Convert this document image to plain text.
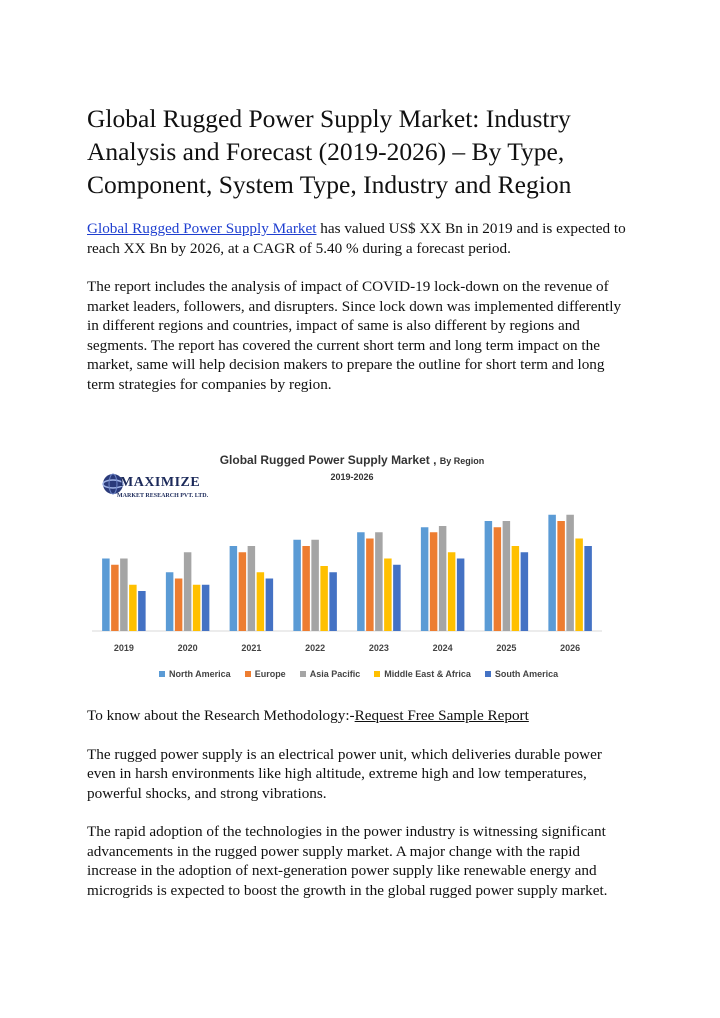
Global Rugged Power Supply Market: Industry Analysis and Forecast (2019-2026) – By Type, Component, System Type, Industry and Region

Global Rugged Power Supply Market has valued US$ XX Bn in 2019 and is expected to reach XX Bn by 2026, at a CAGR of 5.40 % during a forecast period.

The report includes the analysis of impact of COVID-19 lock-down on the revenue of market leaders, followers, and disrupters. Since lock down was implemented differently in different regions and countries, impact of same is also different by regions and segments. The report has covered the current short term and long term impact on the market, same will help decision makers to prepare the outline for short term and long term strategies for companies by region.

MAXIMIZE
MARKET RESEARCH PVT. LTD.
Global Rugged Power Supply Market , By Region
2019-2026
2019	2020	2021	2022	2023	2024	2025	2026
North America	Europe	Asia Pacific	Middle East & Africa	South America

To know about the Research Methodology:-Request Free Sample Report

The rugged power supply is an electrical power unit, which deliveries durable power even in harsh environments like high altitude, extreme high and low temperatures, powerful shocks, and strong vibrations.

The rapid adoption of the technologies in the power industry is witnessing significant advancements in the rugged power supply market. A major change with the rapid increase in the adoption of next-generation power supply like renewable energy and microgrids is expected to boost the growth in the global rugged power supply market.
